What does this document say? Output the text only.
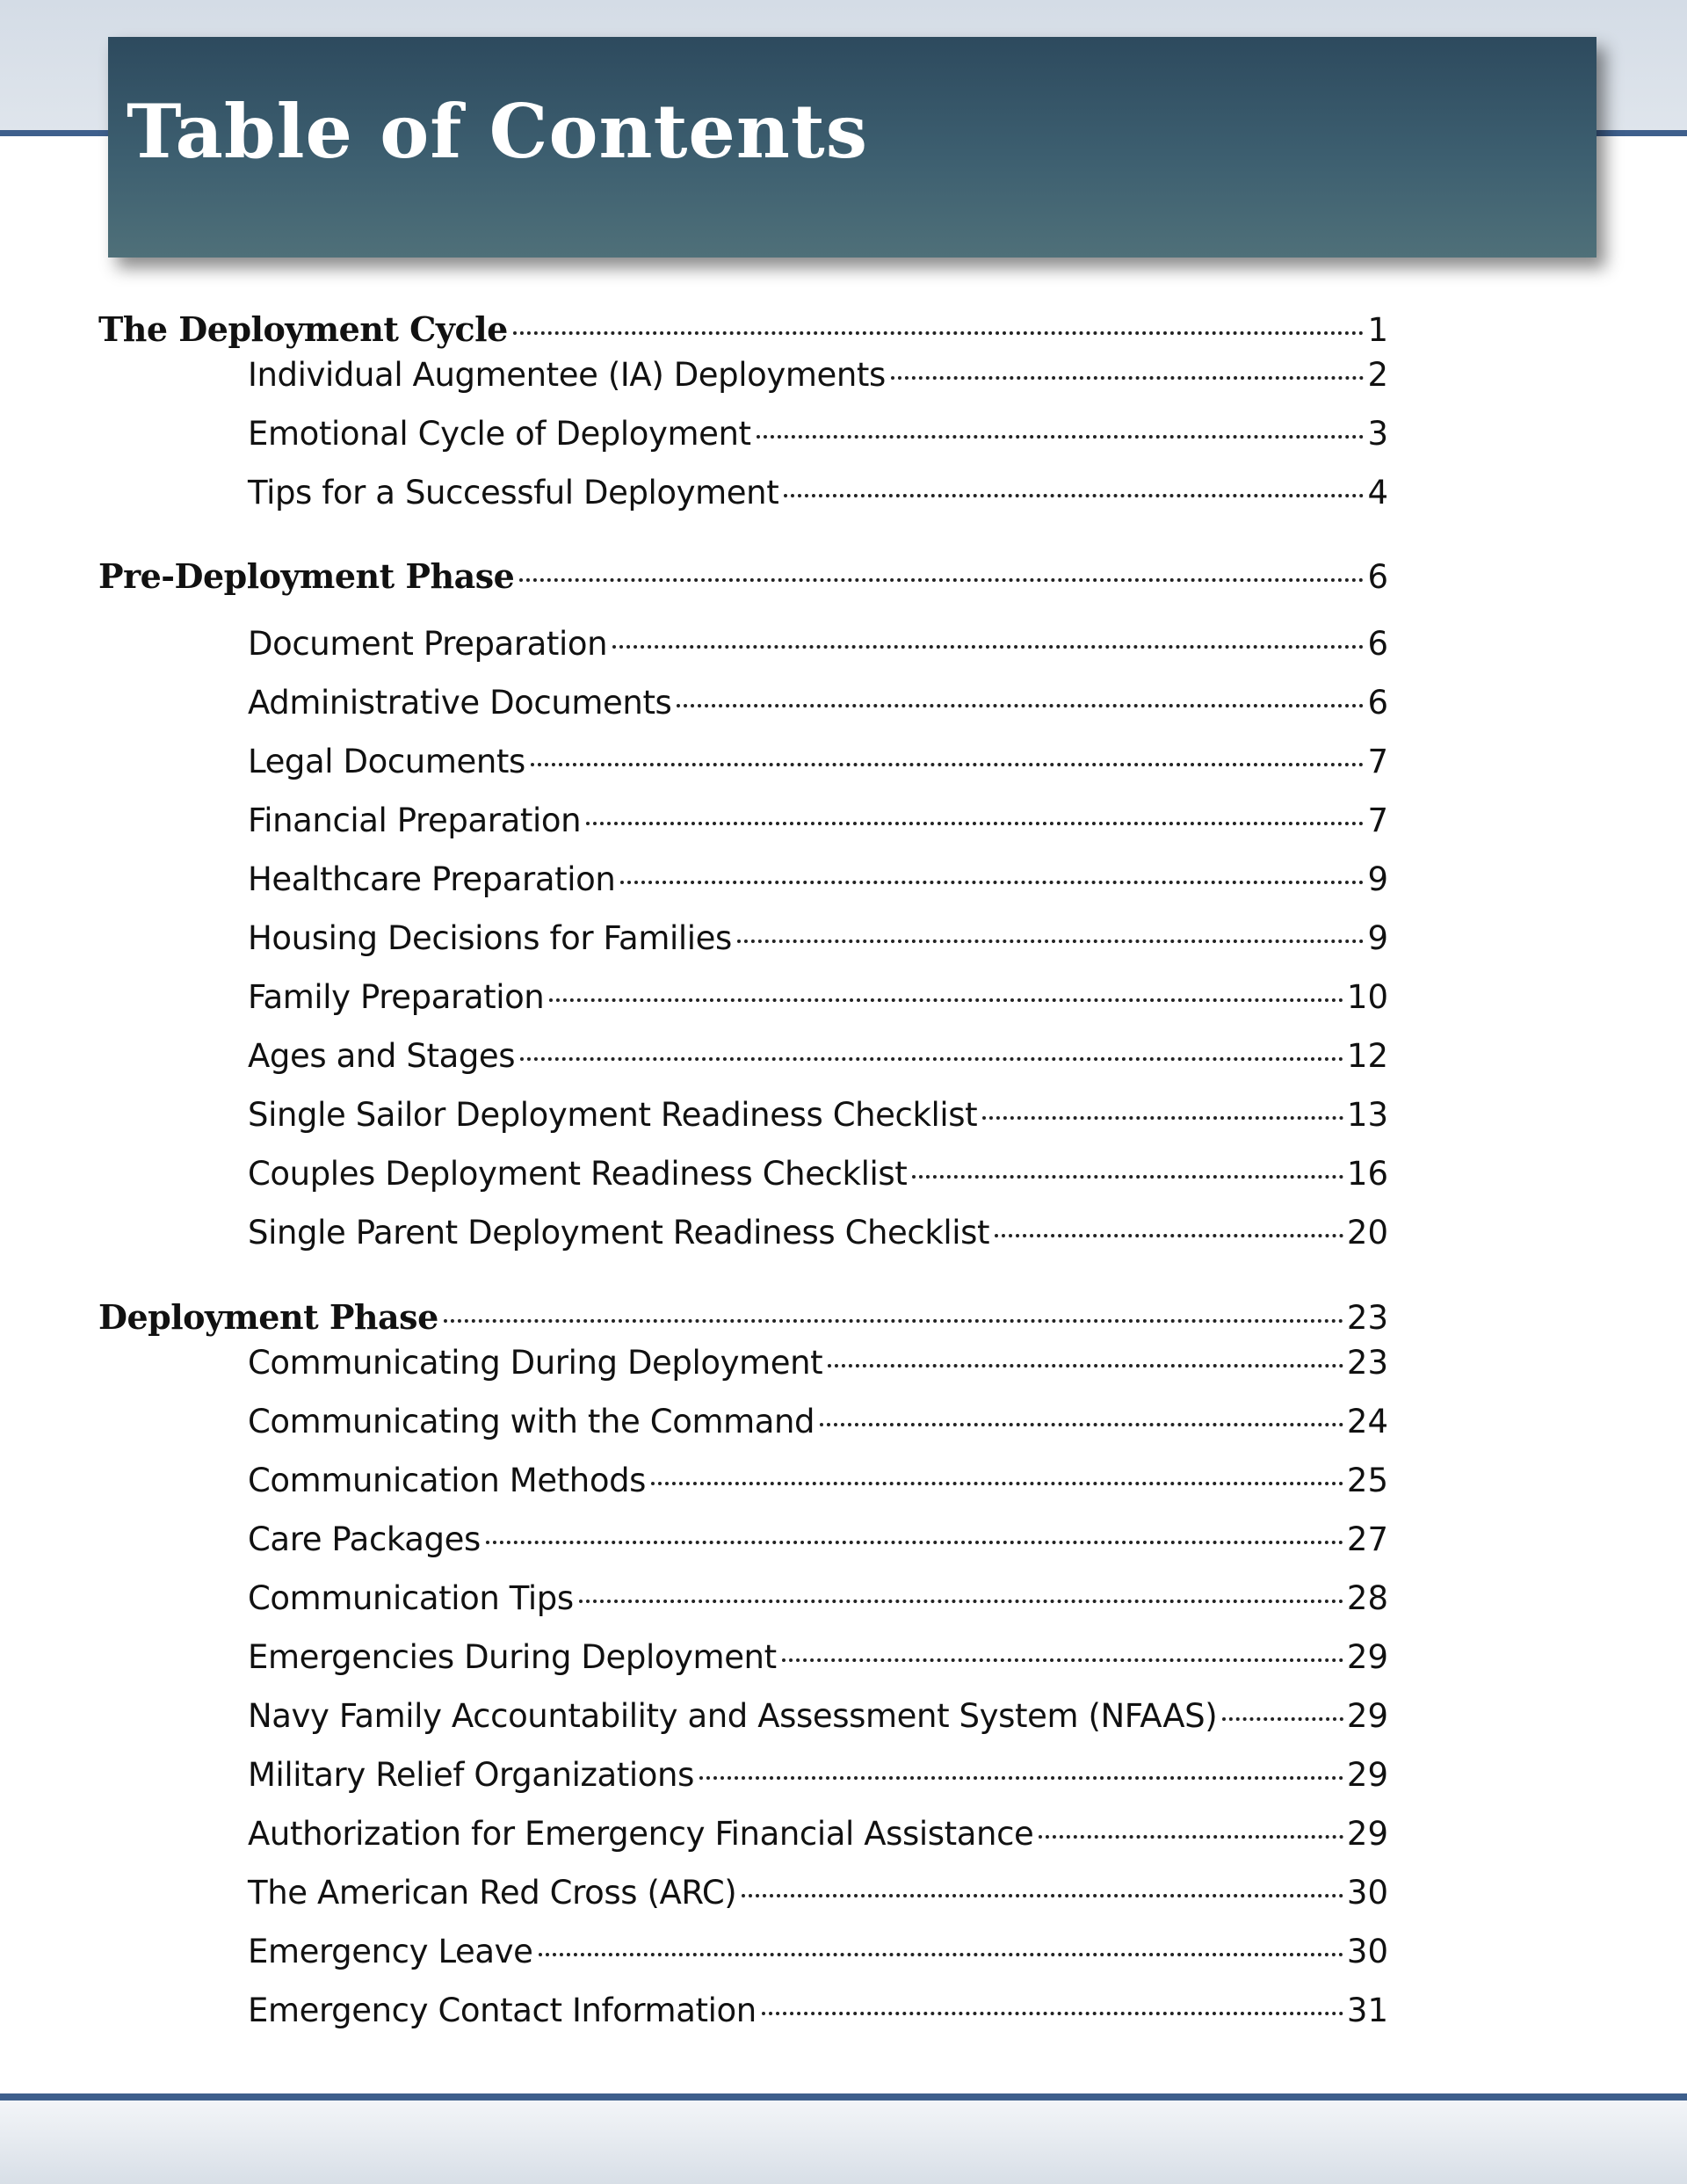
Table of Contents
The Deployment Cycle	1
Individual Augmentee (IA) Deployments	2
Emotional Cycle of Deployment	3
Tips for a Successful Deployment	4
Pre-Deployment Phase	6
Document Preparation	6
Administrative Documents	6
Legal Documents	7
Financial Preparation	7
Healthcare Preparation	9
Housing Decisions for Families	9
Family Preparation	10
Ages and Stages	12
Single Sailor Deployment Readiness Checklist	13
Couples Deployment Readiness Checklist	16
Single Parent Deployment Readiness Checklist	20
Deployment Phase	23
Communicating During Deployment	23
Communicating with the Command	24
Communication Methods	25
Care Packages	27
Communication Tips	28
Emergencies During Deployment	29
Navy Family Accountability and Assessment System (NFAAS)	29
Military Relief Organizations	29
Authorization for Emergency Financial Assistance	29
The American Red Cross (ARC)	30
Emergency Leave	30
Emergency Contact Information	31
